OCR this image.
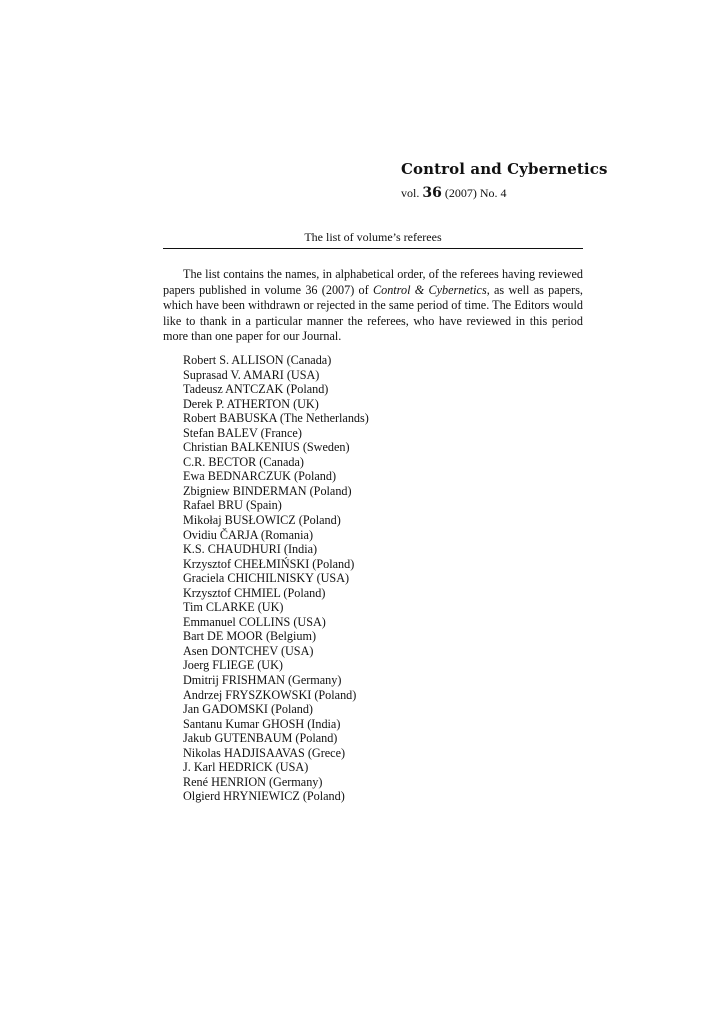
Control and Cybernetics
vol. 36 (2007) No. 4
The list of volume’s referees

The list contains the names, in alphabetical order, of the referees having reviewed papers published in volume 36 (2007) of Control & Cybernetics, as well as papers, which have been withdrawn or rejected in the same period of time. The Editors would like to thank in a particular manner the referees, who have reviewed in this period more than one paper for our Journal.

Robert S. ALLISON (Canada)
Suprasad V. AMARI (USA)
Tadeusz ANTCZAK (Poland)
Derek P. ATHERTON (UK)
Robert BABUSKA (The Netherlands)
Stefan BALEV (France)
Christian BALKENIUS (Sweden)
C.R. BECTOR (Canada)
Ewa BEDNARCZUK (Poland)
Zbigniew BINDERMAN (Poland)
Rafael BRU (Spain)
Mikołaj BUSŁOWICZ (Poland)
Ovidiu ČARJA (Romania)
K.S. CHAUDHURI (India)
Krzysztof CHEŁMIŃSKI (Poland)
Graciela CHICHILNISKY (USA)
Krzysztof CHMIEL (Poland)
Tim CLARKE (UK)
Emmanuel COLLINS (USA)
Bart DE MOOR (Belgium)
Asen DONTCHEV (USA)
Joerg FLIEGE (UK)
Dmitrij FRISHMAN (Germany)
Andrzej FRYSZKOWSKI (Poland)
Jan GADOMSKI (Poland)
Santanu Kumar GHOSH (India)
Jakub GUTENBAUM (Poland)
Nikolas HADJISAAVAS (Grece)
J. Karl HEDRICK (USA)
René HENRION (Germany)
Olgierd HRYNIEWICZ (Poland)
